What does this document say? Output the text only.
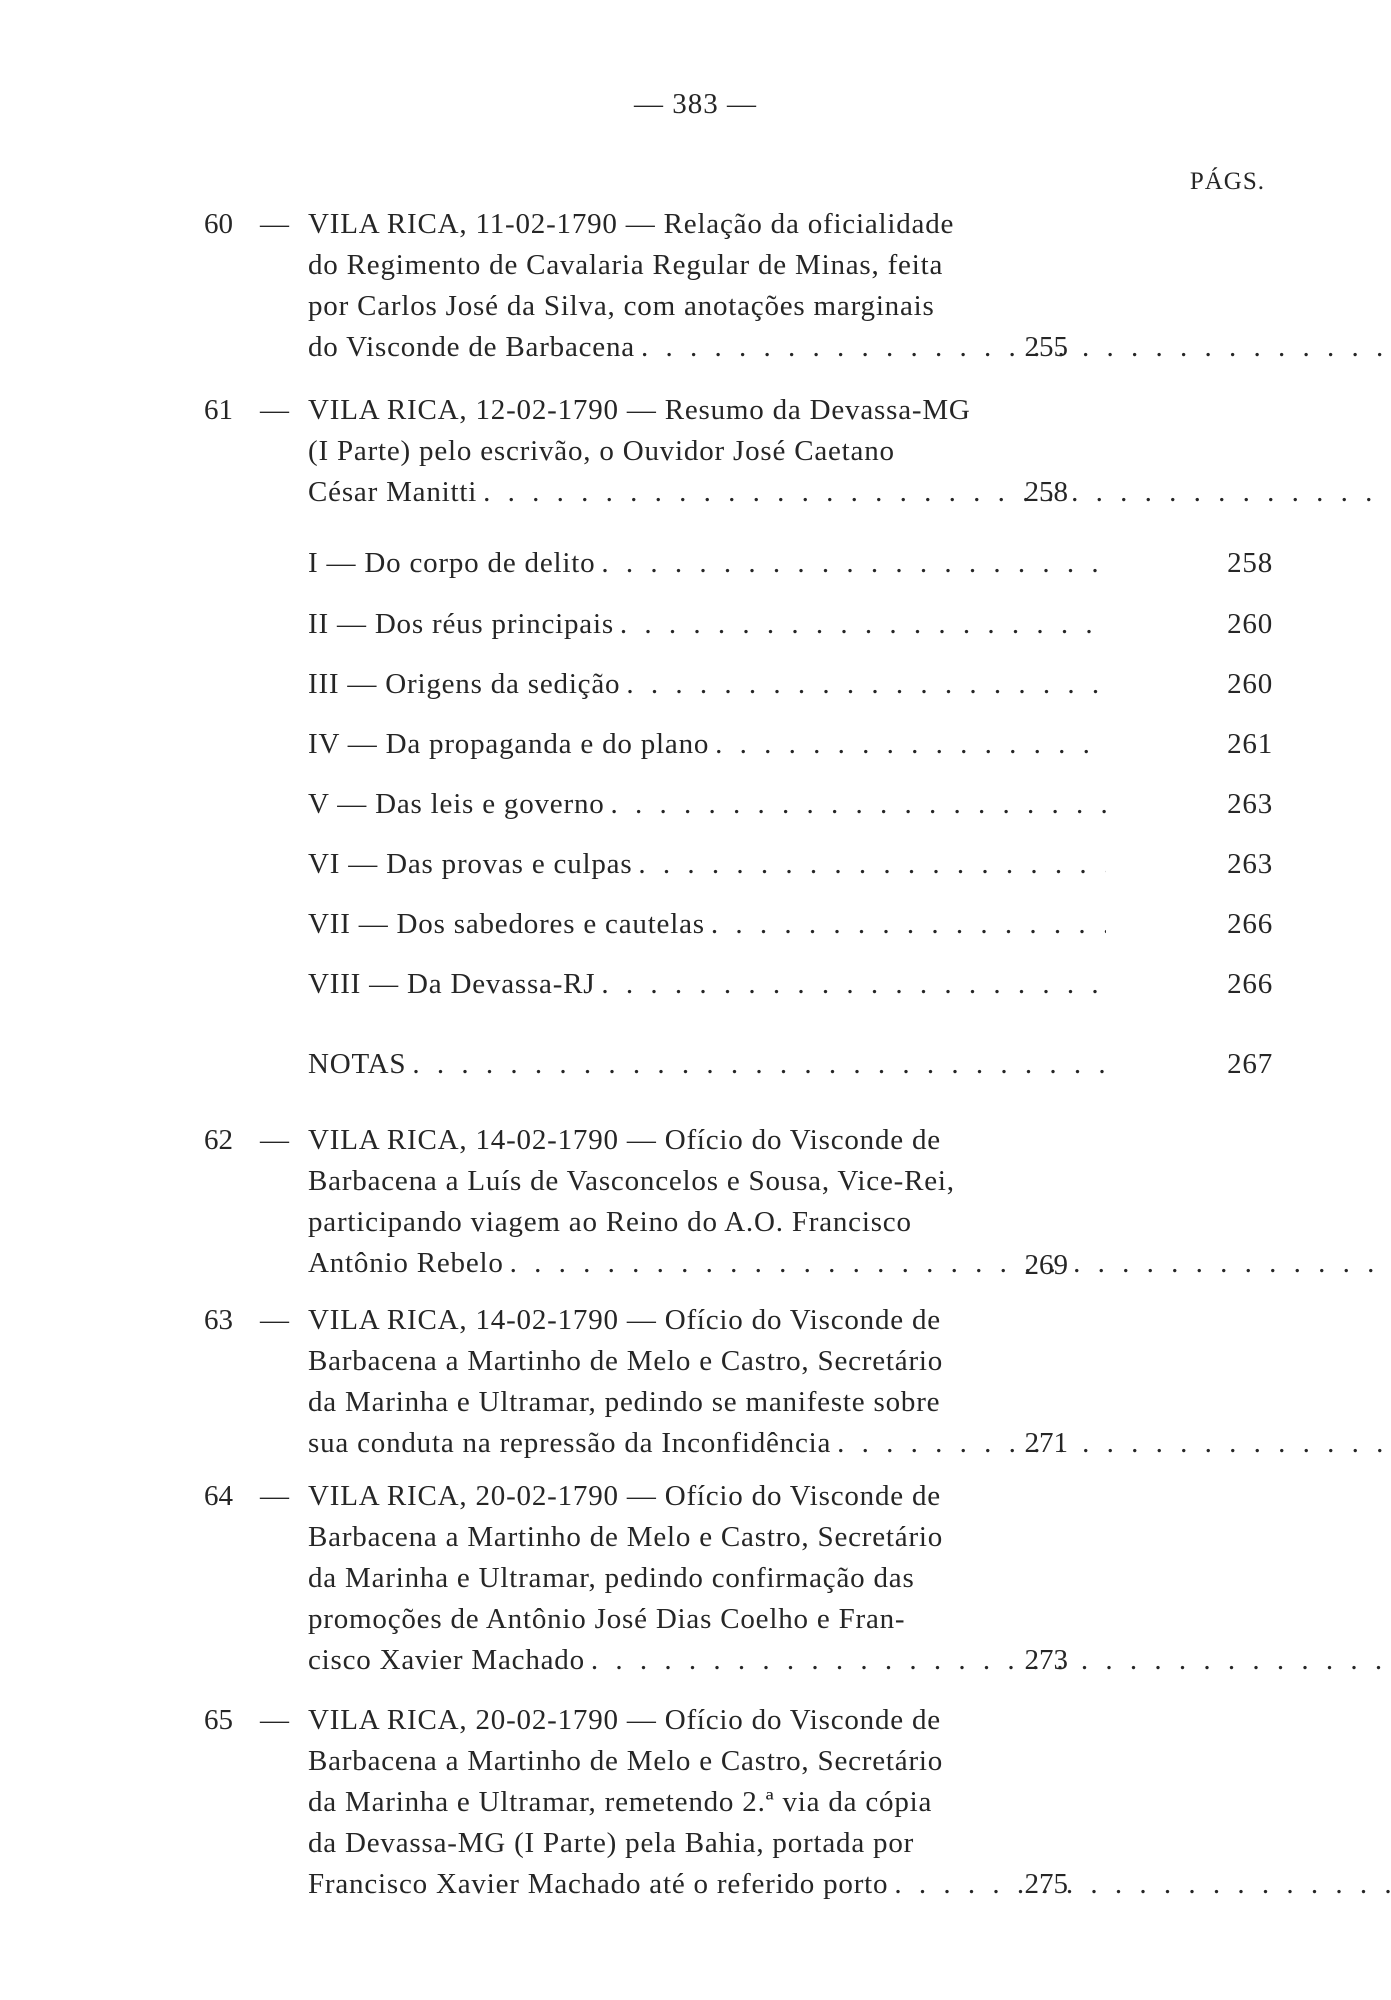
— 383 —
PÁGS.
60 — VILA RICA, 11-02-1790 — Relação da oficialidade
do Regimento de Cavalaria Regular de Minas, feita
por Carlos José da Silva, com anotações marginais
do Visconde de Barbacena . . .	255
61 — VILA RICA, 12-02-1790 — Resumo da Devassa-MG
(I Parte) pelo escrivão, o Ouvidor José Caetano
César Manitti . . .	258
I — Do corpo de delito . . .	258
II — Dos réus principais . . .	260
III — Origens da sedição . . .	260
IV — Da propaganda e do plano . . .	261
V — Das leis e governo . . .	263
VI — Das provas e culpas . . .	263
VII — Dos sabedores e cautelas . . .	266
VIII — Da Devassa-RJ . . .	266
NOTAS . . .	267
62 — VILA RICA, 14-02-1790 — Ofício do Visconde de
Barbacena a Luís de Vasconcelos e Sousa, Vice-Rei,
participando viagem ao Reino do A.O. Francisco
Antônio Rebelo . . .	269
63 — VILA RICA, 14-02-1790 — Ofício do Visconde de
Barbacena a Martinho de Melo e Castro, Secretário
da Marinha e Ultramar, pedindo se manifeste sobre
sua conduta na repressão da Inconfidência . . .	271
64 — VILA RICA, 20-02-1790 — Ofício do Visconde de
Barbacena a Martinho de Melo e Castro, Secretário
da Marinha e Ultramar, pedindo confirmação das
promoções de Antônio José Dias Coelho e Fran-
cisco Xavier Machado . . .	273
65 — VILA RICA, 20-02-1790 — Ofício do Visconde de
Barbacena a Martinho de Melo e Castro, Secretário
da Marinha e Ultramar, remetendo 2.ª via da cópia
da Devassa-MG (I Parte) pela Bahia, portada por
Francisco Xavier Machado até o referido porto . . .	275
